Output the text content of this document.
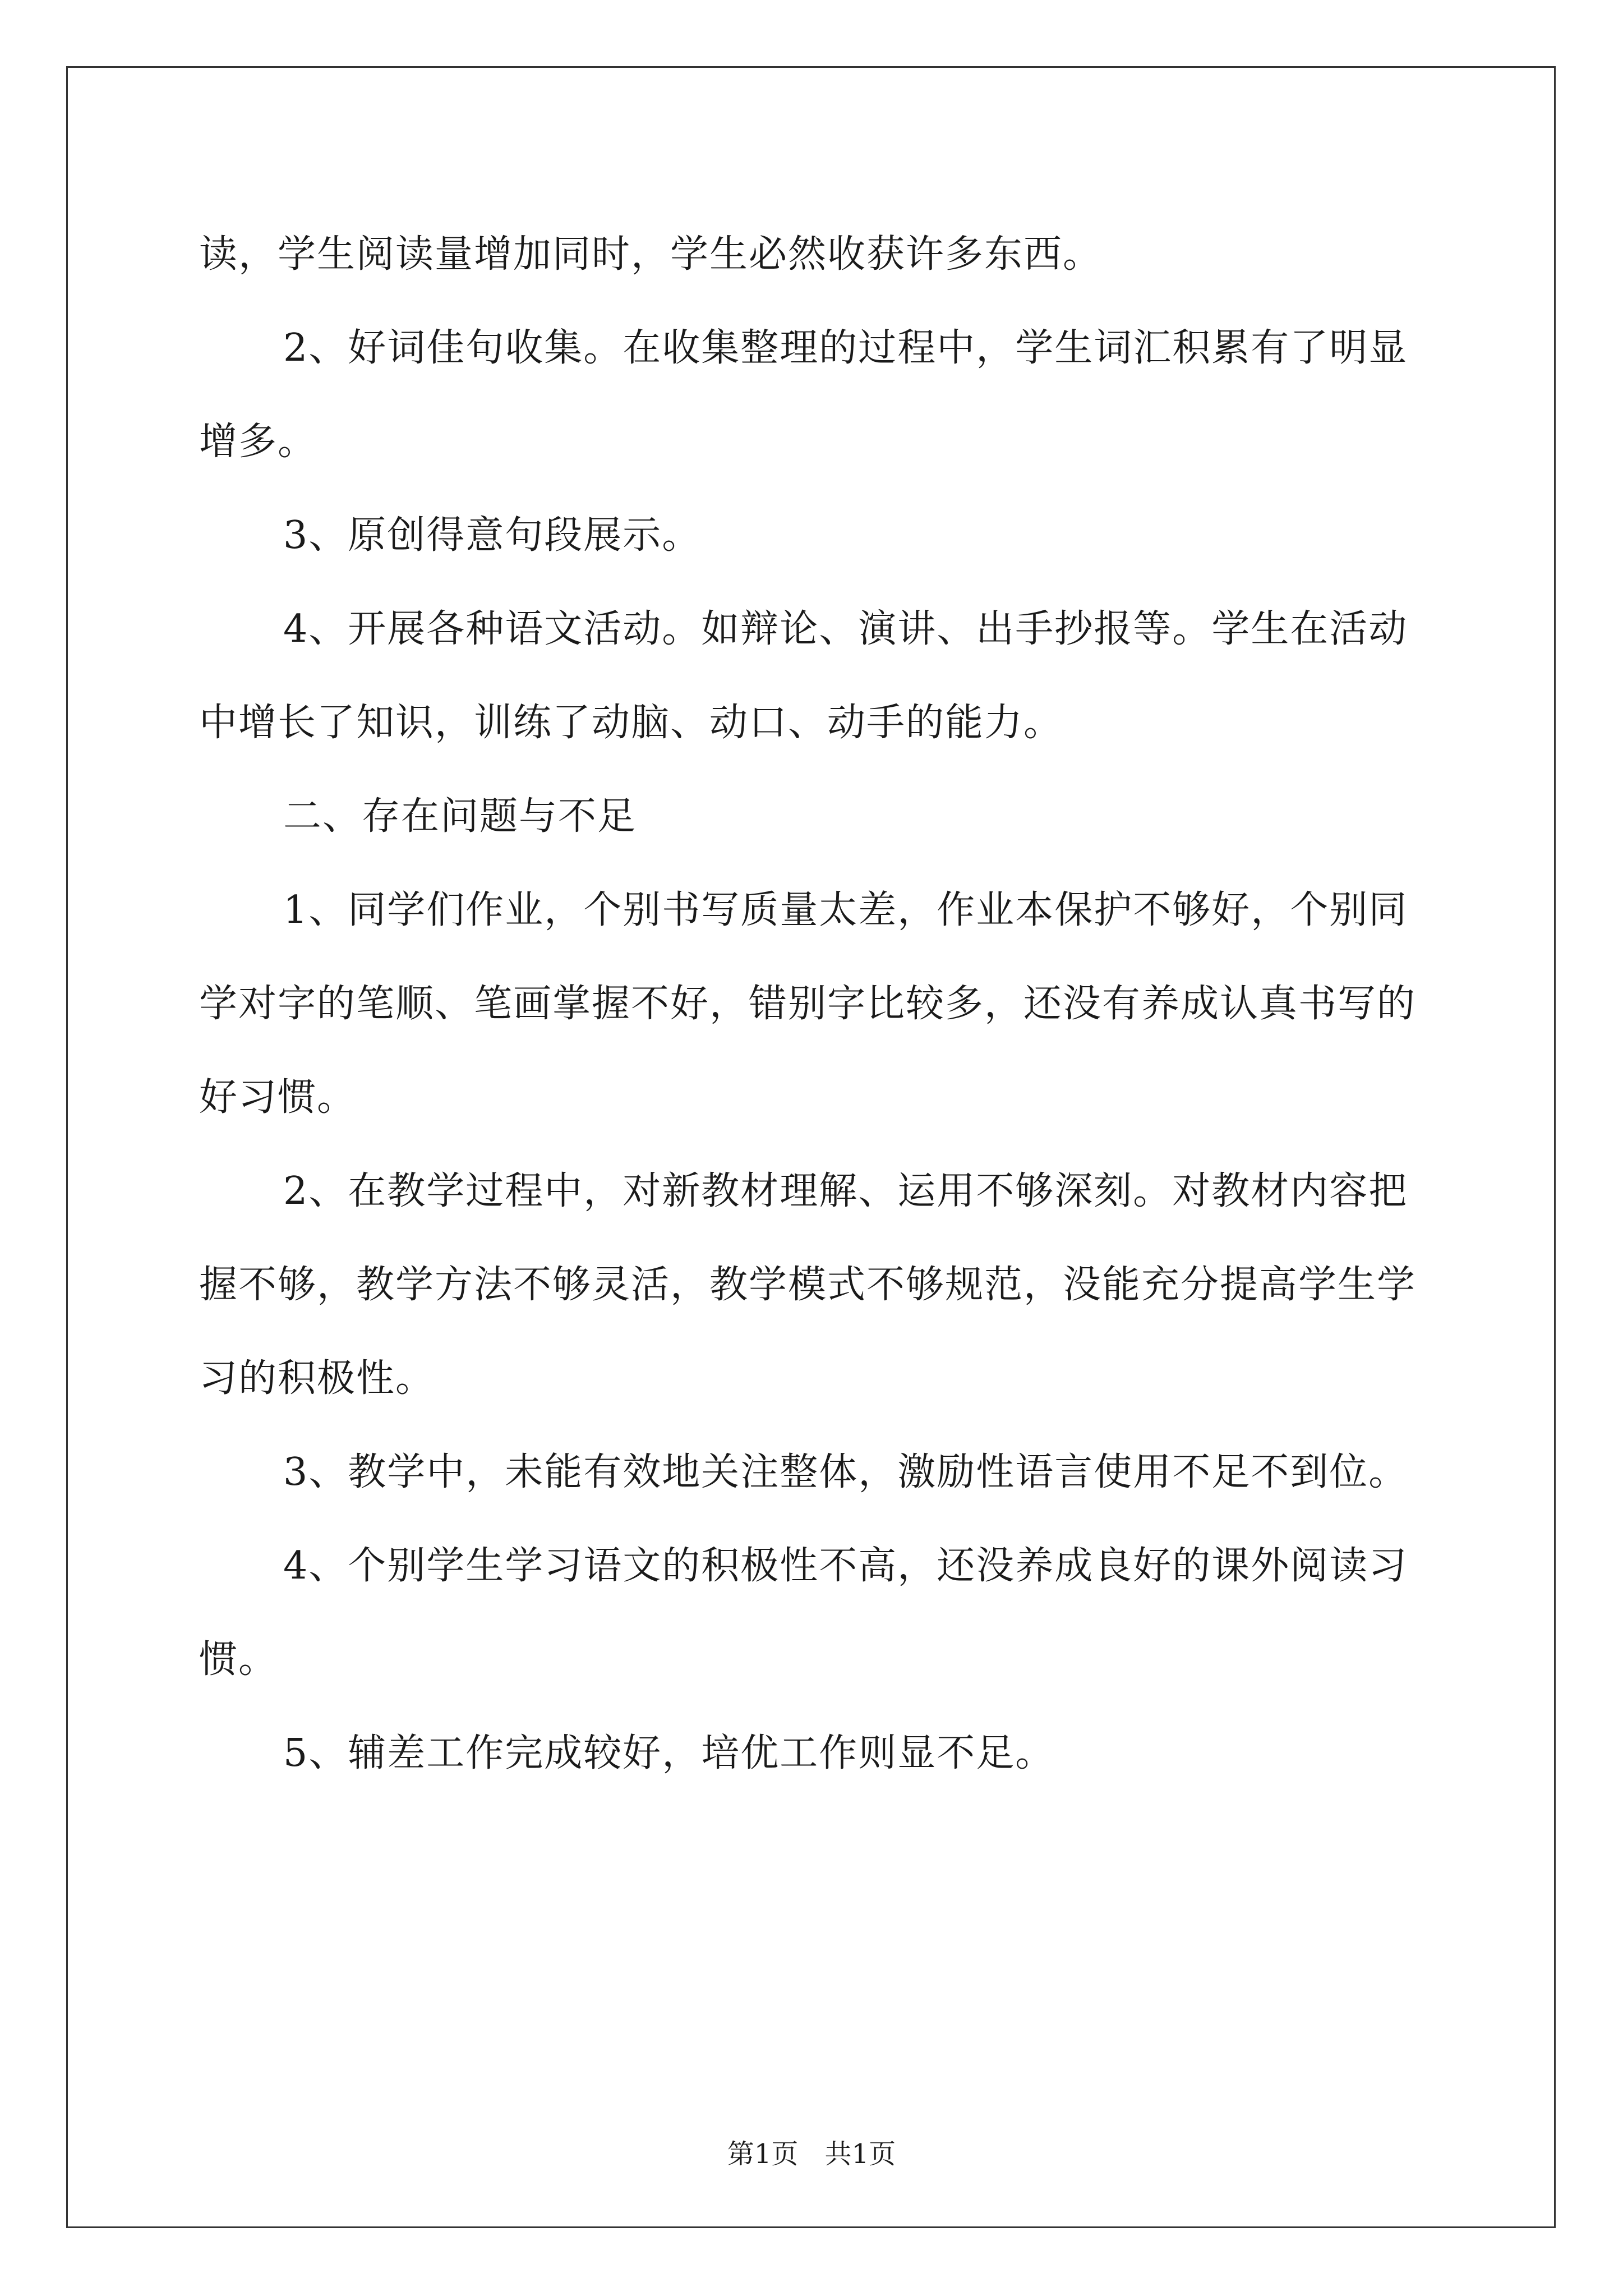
读，学生阅读量增加同时，学生必然收获许多东西。

2、好词佳句收集。在收集整理的过程中，学生词汇积累有了明显增多。

3、原创得意句段展示。

4、开展各种语文活动。如辩论、演讲、出手抄报等。学生在活动中增长了知识，训练了动脑、动口、动手的能力。

二、存在问题与不足

1、同学们作业，个别书写质量太差，作业本保护不够好，个别同学对字的笔顺、笔画掌握不好，错别字比较多，还没有养成认真书写的好习惯。

2、在教学过程中，对新教材理解、运用不够深刻。对教材内容把握不够，教学方法不够灵活，教学模式不够规范，没能充分提高学生学习的积极性。

3、教学中，未能有效地关注整体，激励性语言使用不足不到位。

4、个别学生学习语文的积极性不高，还没养成良好的课外阅读习惯。

5、辅差工作完成较好，培优工作则显不足。

第1页 共1页
